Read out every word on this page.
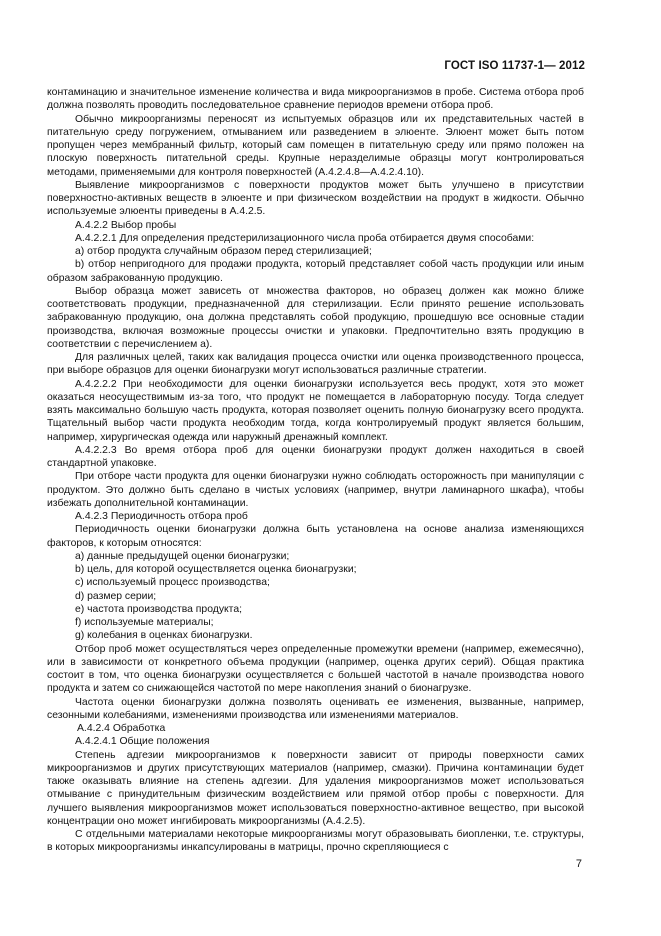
ГОСТ ISO 11737-1— 2012

контаминацию и значительное изменение количества и вида микроорганизмов в пробе. Система отбора проб должна позволять проводить последовательное сравнение периодов времени отбора проб.

Обычно микроорганизмы переносят из испытуемых образцов или их представительных частей в питательную среду погружением, отмыванием или разведением в элюенте. Элюент может быть потом пропущен через мембранный фильтр, который сам помещен в питательную среду или прямо положен на плоскую поверхность питательной среды. Крупные неразделимые образцы могут контролироваться методами, применяемыми для контроля поверхностей (А.4.2.4.8—А.4.2.4.10).

Выявление микроорганизмов с поверхности продуктов может быть улучшено в присутствии поверхностно-активных веществ в элюенте и при физическом воздействии на продукт в жидкости. Обычно используемые элюенты приведены в А.4.2.5.

А.4.2.2 Выбор пробы

А.4.2.2.1 Для определения предстерилизационного числа проба отбирается двумя способами:

a) отбор продукта случайным образом перед стерилизацией;

b) отбор непригодного для продажи продукта, который представляет собой часть продукции или иным образом забракованную продукцию.

Выбор образца может зависеть от множества факторов, но образец должен как можно ближе соответствовать продукции, предназначенной для стерилизации. Если принято решение использовать забракованную продукцию, она должна представлять собой продукцию, прошедшую все основные стадии производства, включая возможные процессы очистки и упаковки. Предпочтительно взять продукцию в соответствии с перечислением а).

Для различных целей, таких как валидация процесса очистки или оценка производственного процесса, при выборе образцов для оценки бионагрузки могут использоваться различные стратегии.

А.4.2.2.2 При необходимости для оценки бионагрузки используется весь продукт, хотя это может оказаться неосуществимым из-за того, что продукт не помещается в лабораторную посуду. Тогда следует взять максимально большую часть продукта, которая позволяет оценить полную бионагрузку всего продукта. Тщательный выбор части продукта необходим тогда, когда контролируемый продукт является большим, например, хирургическая одежда или наружный дренажный комплект.

А.4.2.2.3 Во время отбора проб для оценки бионагрузки продукт должен находиться в своей стандартной упаковке.

При отборе части продукта для оценки бионагрузки нужно соблюдать осторожность при манипуляции с продуктом. Это должно быть сделано в чистых условиях (например, внутри ламинарного шкафа), чтобы избежать дополнительной контаминации.

А.4.2.3 Периодичность отбора проб

Периодичность оценки бионагрузки должна быть установлена на основе анализа изменяющихся факторов, к которым относятся:

a) данные предыдущей оценки бионагрузки;

b) цель, для которой осуществляется оценка бионагрузки;

c) используемый процесс производства;

d) размер серии;

e) частота производства продукта;

f) используемые материалы;

g) колебания в оценках бионагрузки.

Отбор проб может осуществляться через определенные промежутки времени (например, ежемесячно), или в зависимости от конкретного объема продукции (например, оценка других серий). Общая практика состоит в том, что оценка бионагрузки осуществляется с большей частотой в начале производства нового продукта и затем со снижающейся частотой по мере накопления знаний о бионагрузке.

Частота оценки бионагрузки должна позволять оценивать ее изменения, вызванные, например, сезонными колебаниями, изменениями производства или изменениями материалов.

А.4.2.4 Обработка

А.4.2.4.1 Общие положения

Степень адгезии микроорганизмов к поверхности зависит от природы поверхности самих микроорганизмов и других присутствующих материалов (например, смазки). Причина контаминации будет также оказывать влияние на степень адгезии. Для удаления микроорганизмов может использоваться отмывание с принудительным физическим воздействием или прямой отбор пробы с поверхности. Для лучшего выявления микроорганизмов может использоваться поверхностно-активное вещество, при высокой концентрации оно может ингибировать микроорганизмы (А.4.2.5).

С отдельными материалами некоторые микроорганизмы могут образовывать биопленки, т.е. структуры, в которых микроорганизмы инкапсулированы в матрицы, прочно скрепляющиеся с

7
